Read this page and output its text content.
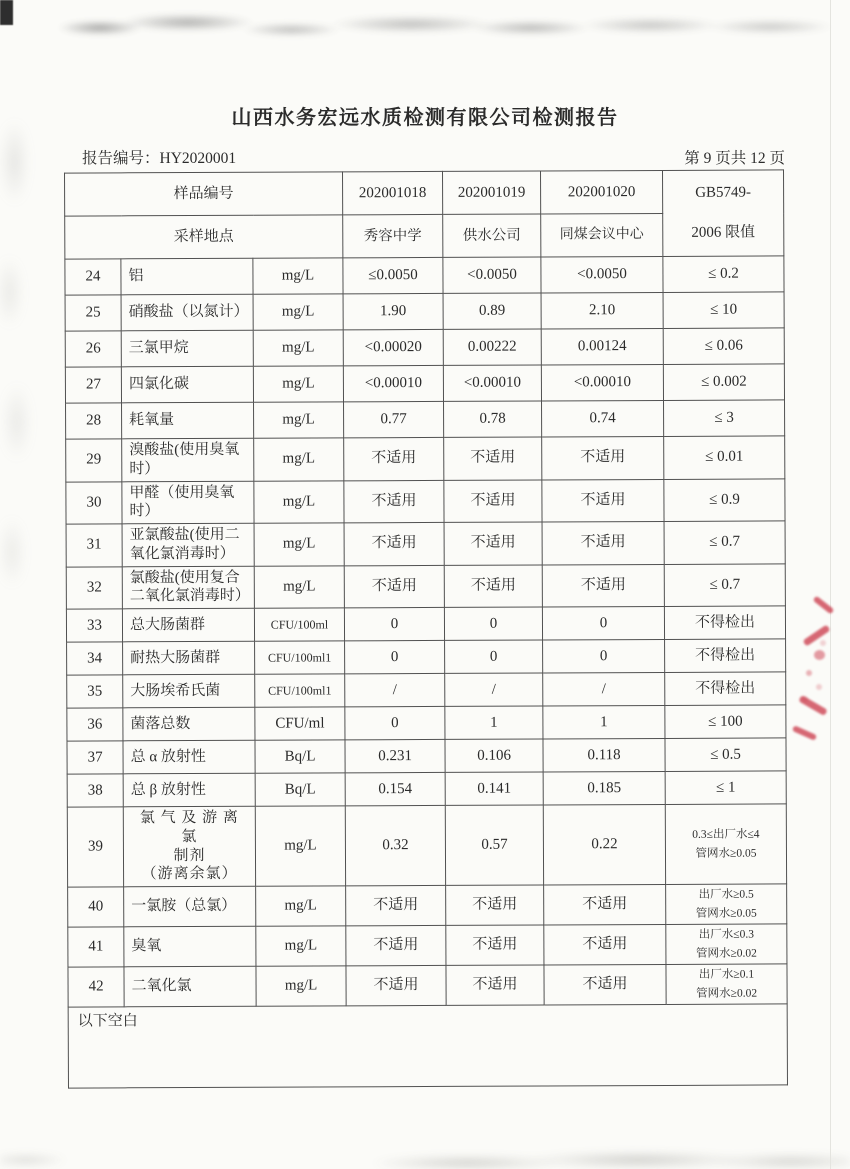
山西水务宏远水质检测有限公司检测报告
报告编号：HY2020001	第 9 页共 12 页
样品编号			202001018	202001019	202001020	GB5749-
2006 限值

采样地点			秀容中学	供水公司	同煤会议中心	
24	铝	mg/L	≤0.0050	<0.0050	<0.0050	≤ 0.2
25	硝酸盐（以氮计）	mg/L	1.90	0.89	2.10	≤ 10
26	三氯甲烷	mg/L	<0.00020	0.00222	0.00124	≤ 0.06
27	四氯化碳	mg/L	<0.00010	<0.00010	<0.00010	≤ 0.002
28	耗氧量	mg/L	0.77	0.78	0.74	≤ 3
29	溴酸盐(使用臭氧时）	mg/L	不适用	不适用	不适用	≤ 0.01
30	甲醛（使用臭氧时）	mg/L	不适用	不适用	不适用	≤ 0.9
31	亚氯酸盐(使用二氧化氯消毒时）	mg/L	不适用	不适用	不适用	≤ 0.7
32	氯酸盐(使用复合二氧化氯消毒时）	mg/L	不适用	不适用	不适用	≤ 0.7
33	总大肠菌群	CFU/100ml	0	0	0	不得检出
34	耐热大肠菌群	CFU/100ml1	0	0	0	不得检出
35	大肠埃希氏菌	CFU/100ml1	/	/	/	不得检出
36	菌落总数	CFU/ml	0	1	1	≤ 100
37	总 α 放射性	Bq/L	0.231	0.106	0.118	≤ 0.5
38	总 β 放射性	Bq/L	0.154	0.141	0.185	≤ 1
39	氯 气 及 游 离 氯
制剂
（游离余氯）	mg/L	0.32	0.57	0.22	0.3≤出厂水≤4
管网水≥0.05
40	一氯胺（总氯）	mg/L	不适用	不适用	不适用	出厂水≥0.5
管网水≥0.05
41	臭氧	mg/L	不适用	不适用	不适用	出厂水≤0.3
管网水≥0.02
42	二氧化氯	mg/L	不适用	不适用	不适用	出厂水≥0.1
管网水≥0.02
以下空白						
